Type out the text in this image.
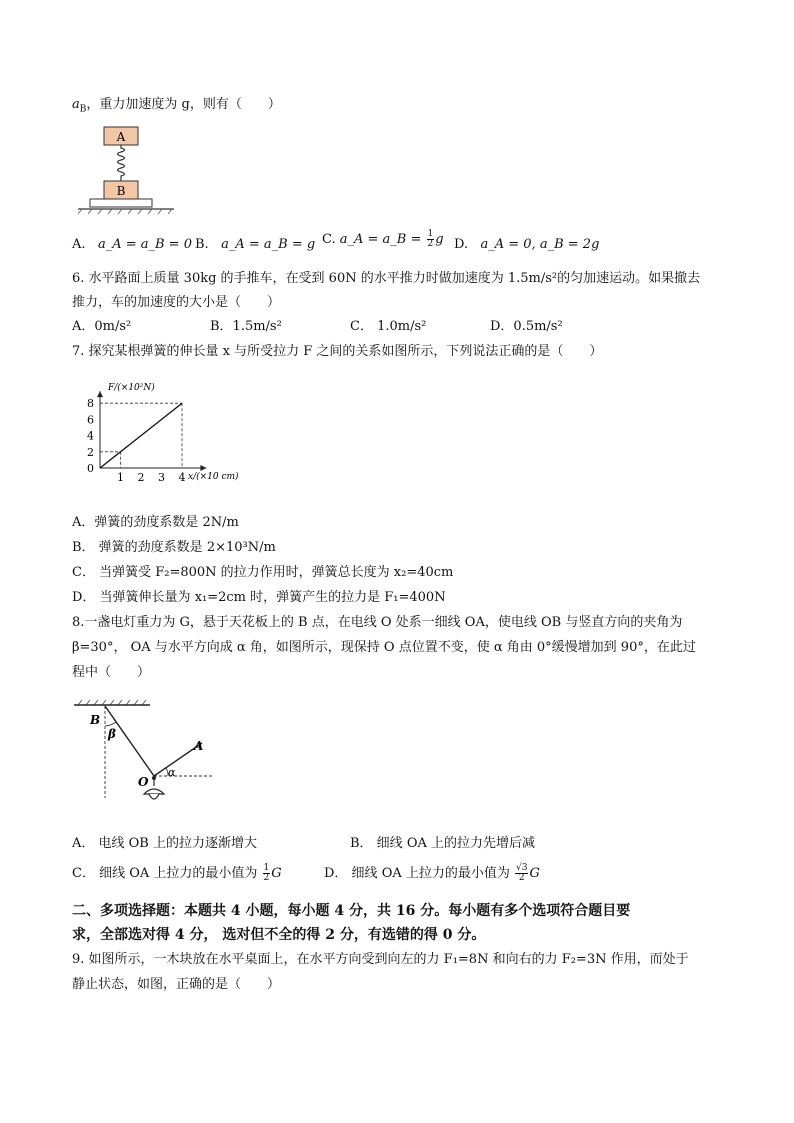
$a_B$，重力加速度为 g，则有（　　）
A
B
A. a_A = a_B = 0 B. a_A = a_B = g C. a_A = a_B = $\frac{1}{2}$ g D. a_A = 0, a_B = 2g
6. 水平路面上质量 30kg 的手推车，在受到 60N 的水平推力时做加速度为 1.5m/s²的匀加速运动。如果撤去
推力，车的加速度的大小是（　　）
A．0m/s²	B．1.5m/s²	C． 1.0m/s²	D．0.5m/s²
7. 探究某根弹簧的伸长量 x 与所受拉力 F 之间的关系如图所示，下列说法正确的是（　　）
F/(×10²N)
x/(×10 cm)
0
2
4
6
8
1 2 3 4
A．弹簧的劲度系数是 2N/m
B． 弹簧的劲度系数是 2×10³N/m
C． 当弹簧受 F₂=800N 的拉力作用时，弹簧总长度为 x₂=40cm
D． 当弹簧伸长量为 x₁=2cm 时，弹簧产生的拉力是 F₁=400N
8.一盏电灯重力为 G，悬于天花板上的 B 点，在电线 O 处系一细线 OA，使电线 OB 与竖直方向的夹角为
β=30°， OA 与水平方向成 α 角，如图所示，现保持 O 点位置不变，使 α 角由 0°缓慢增加到 90°，在此过
程中（　　）
B
β
A
O
α
A． 电线 OB 上的拉力逐渐增大	B． 细线 OA 上的拉力先增后减
C． 细线 OA 上拉力的最小值为 $\frac{1}{2}$ G	D． 细线 OA 上拉力的最小值为 $\frac{√3}{2}$ G
二、多项选择题：本题共 4 小题，每小题 4 分，共 16 分。每小题有多个选项符合题目要
求，全部选对得 4 分， 选对但不全的得 2 分，有选错的得 0 分。
9. 如图所示，一木块放在水平桌面上，在水平方向受到向左的力 F₁=8N 和向右的力 F₂=3N 作用，而处于
静止状态，如图，正确的是（　　）
